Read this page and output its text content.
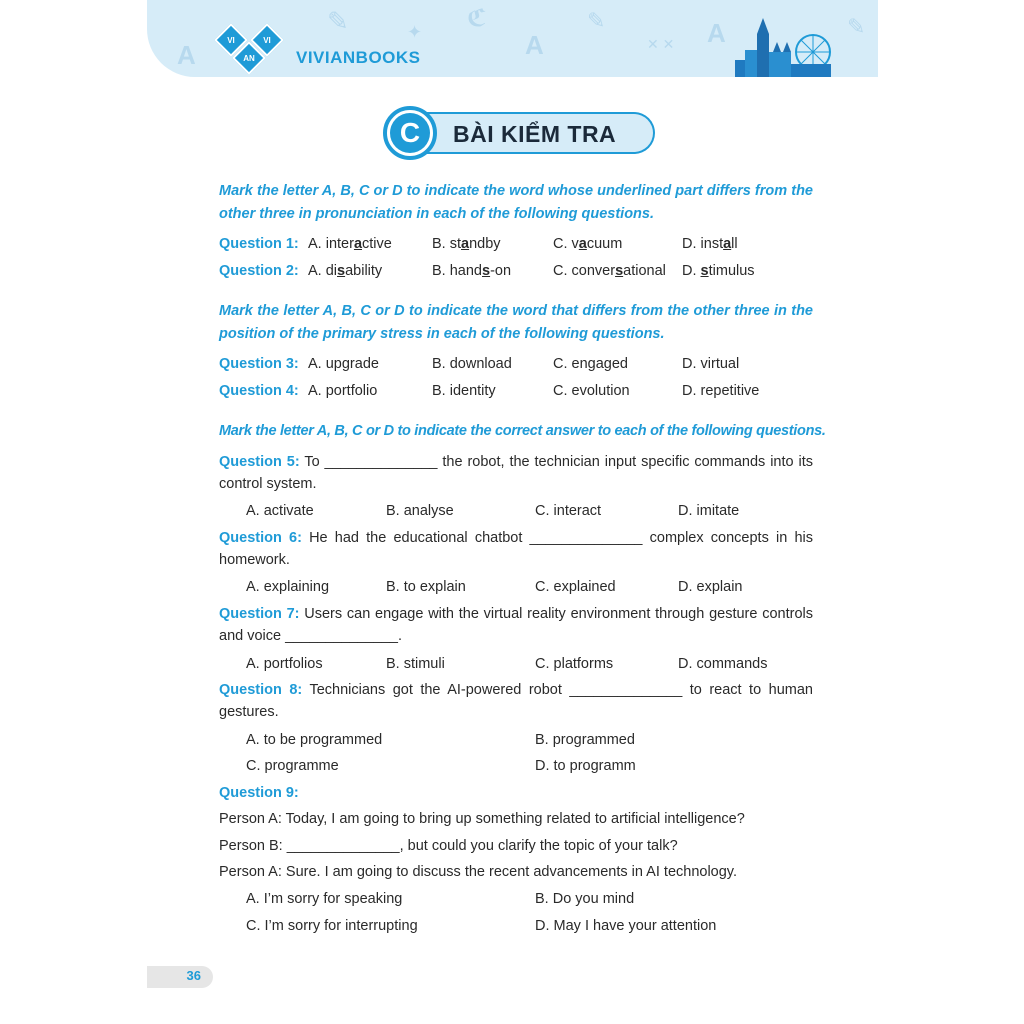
✎	✦ ℭ
A
✎
✕ ✕ A	✎
A	VI	VI
AN VIVIANBOOKS
BÀI KIỂM TRA
C
Mark the letter A, B, C or D to indicate the word whose underlined part differs from the other three in pronunciation in each of the following questions.
Question 1: A. interactive	B. standby	C. vacuum	D. install
Question 2: A. disability	B. hands-on	C. conversational D. stimulus
Mark the letter A, B, C or D to indicate the word that differs from the other three in the position of the primary stress in each of the following questions.
Question 3: A. upgrade	B. download	C. engaged	D. virtual
Question 4: A. portfolio	B. identity	C. evolution	D. repetitive
Mark the letter A, B, C or D to indicate the correct answer to each of the following questions.
Question 5: To ______________ the robot, the technician input specific commands into its control system.
A. activate	B. analyse	C. interact	D. imitate
Question 6: He had the educational chatbot ______________ complex concepts in his homework.
A. explaining	B. to explain	C. explained	D. explain
Question 7: Users can engage with the virtual reality environment through gesture controls and voice ______________.
A. portfolios	B. stimuli	C. platforms	D. commands
Question 8: Technicians got the AI-powered robot ______________ to react to human gestures.
A. to be programmed	B. programmed
C. programme	D. to programm
Question 9:
Person A: Today, I am going to bring up something related to artificial intelligence?
Person B: ______________, but could you clarify the topic of your talk?
Person A: Sure. I am going to discuss the recent advancements in AI technology.
A. I’m sorry for speaking	B. Do you mind
C. I’m sorry for interrupting	D. May I have your attention
36
